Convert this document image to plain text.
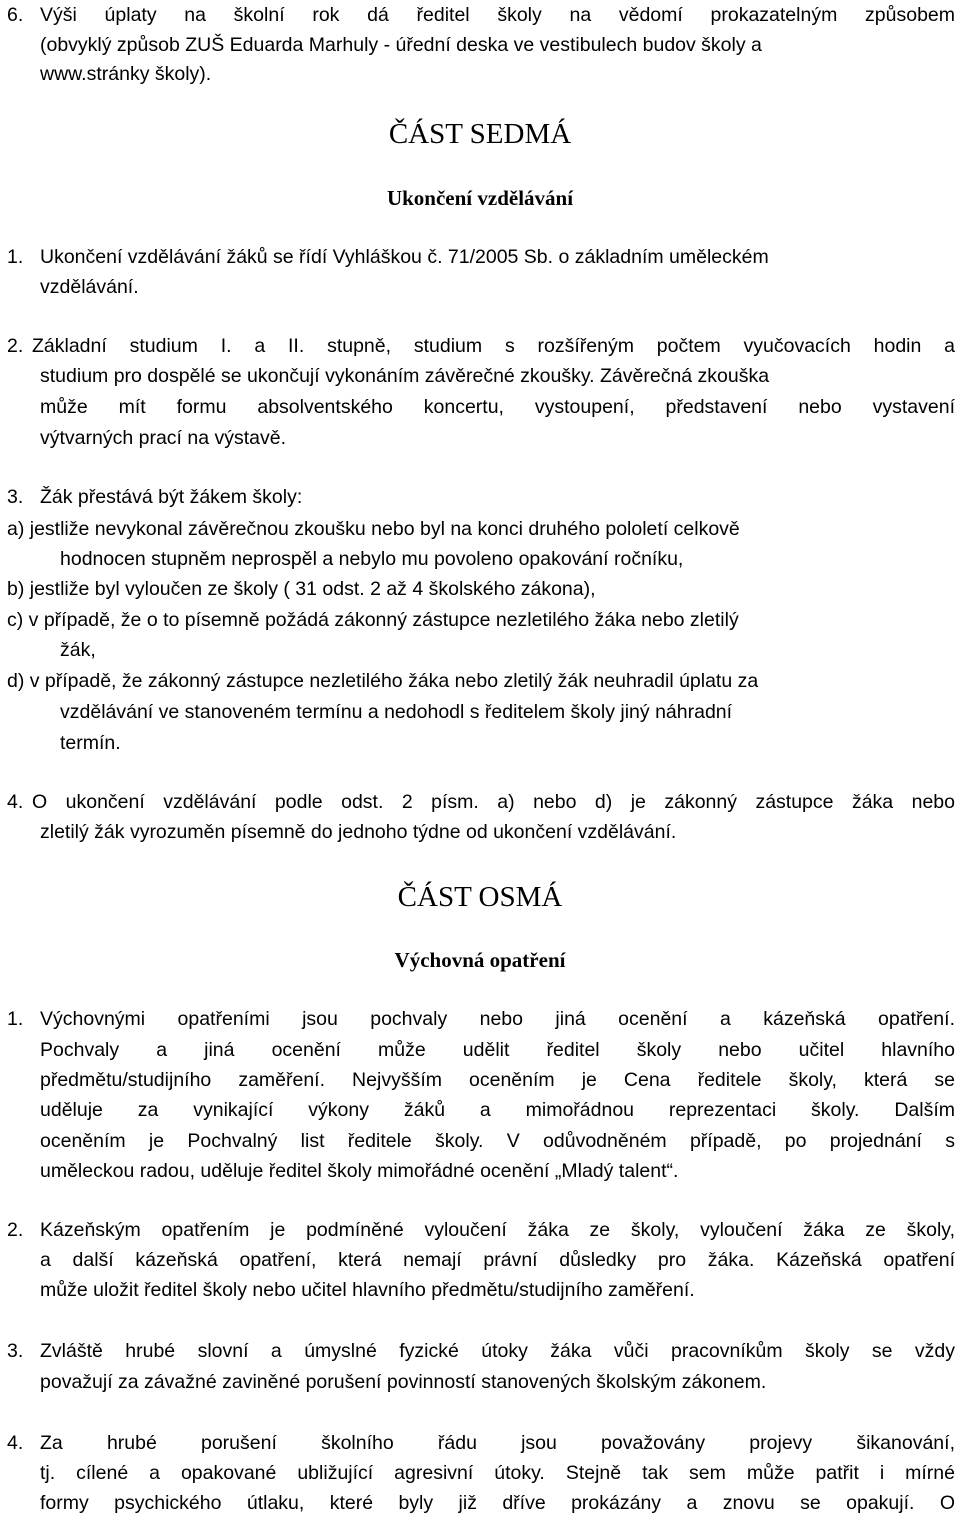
6. Výši úplaty na školní rok dá ředitel školy na vědomí prokazatelným způsobem
(obvyklý způsob ZUŠ Eduarda Marhuly - úřední deska ve vestibulech budov školy a
www.stránky školy).
ČÁST SEDMÁ
Ukončení vzdělávání
1. Ukončení vzdělávání žáků se řídí Vyhláškou č. 71/2005 Sb. o základním uměleckém
vzdělávání.
2. Základní studium I. a II. stupně, studium s rozšířeným počtem vyučovacích hodin a
studium pro dospělé se ukončují vykonáním závěrečné zkoušky. Závěrečná zkouška
může mít formu absolventského koncertu, vystoupení, představení nebo vystavení
výtvarných prací na výstavě.
3. Žák přestává být žákem školy:
a) jestliže nevykonal závěrečnou zkoušku nebo byl na konci druhého pololetí celkově
hodnocen stupněm neprospěl a nebylo mu povoleno opakování ročníku,
b) jestliže byl vyloučen ze školy ( 31 odst. 2 až 4 školského zákona),
c) v případě, že o to písemně požádá zákonný zástupce nezletilého žáka nebo zletilý
žák,
d) v případě, že zákonný zástupce nezletilého žáka nebo zletilý žák neuhradil úplatu za
vzdělávání ve stanoveném termínu a nedohodl s ředitelem školy jiný náhradní
termín.
4. O ukončení vzdělávání podle odst. 2 písm. a) nebo d) je zákonný zástupce žáka nebo
zletilý žák vyrozuměn písemně do jednoho týdne od ukončení vzdělávání.
ČÁST OSMÁ
Výchovná opatření
1. Výchovnými opatřeními jsou pochvaly nebo jiná ocenění a kázeňská opatření.
Pochvaly a jiná ocenění může udělit ředitel školy nebo učitel hlavního
předmětu/studijního zaměření. Nejvyšším oceněním je Cena ředitele školy, která se
uděluje za vynikající výkony žáků a mimořádnou reprezentaci školy. Dalším
oceněním je Pochvalný list ředitele školy. V odůvodněném případě, po projednání s
uměleckou radou, uděluje ředitel školy mimořádné ocenění „Mladý talent“.
2. Kázeňským opatřením je podmíněné vyloučení žáka ze školy, vyloučení žáka ze školy,
a další kázeňská opatření, která nemají právní důsledky pro žáka. Kázeňská opatření
může uložit ředitel školy nebo učitel hlavního předmětu/studijního zaměření.
3. Zvláště hrubé slovní a úmyslné fyzické útoky žáka vůči pracovníkům školy se vždy
považují za závažné zaviněné porušení povinností stanovených školským zákonem.
4. Za hrubé porušení školního řádu jsou považovány projevy šikanování,
tj. cílené a opakované ubližující agresivní útoky. Stejně tak sem může patřit i mírné
formy psychického útlaku, které byly již dříve prokázány a znovu se opakují. O
